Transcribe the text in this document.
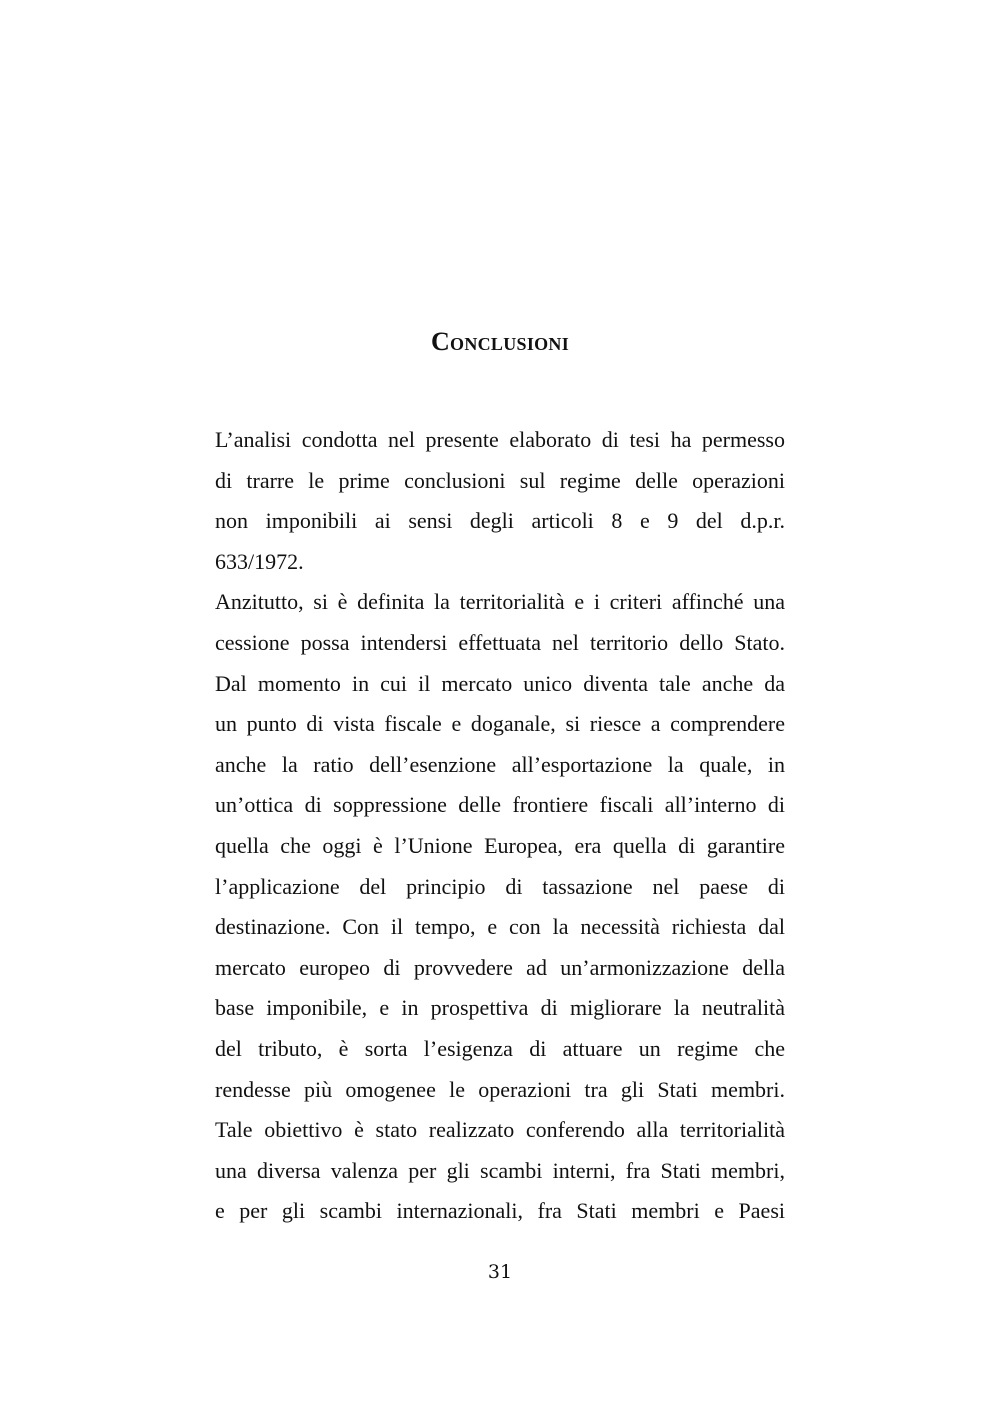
Conclusioni
L’analisi condotta nel presente elaborato di tesi ha permesso
di trarre le prime conclusioni sul regime delle operazioni
non imponibili ai sensi degli articoli 8 e 9 del d.p.r.
633/1972.
Anzitutto, si è definita la territorialità e i criteri affinché una
cessione possa intendersi effettuata nel territorio dello Stato.
Dal momento in cui il mercato unico diventa tale anche da
un punto di vista fiscale e doganale, si riesce a comprendere
anche la ratio dell’esenzione all’esportazione la quale, in
un’ottica di soppressione delle frontiere fiscali all’interno di
quella che oggi è l’Unione Europea, era quella di garantire
l’applicazione del principio di tassazione nel paese di
destinazione. Con il tempo, e con la necessità richiesta dal
mercato europeo di provvedere ad un’armonizzazione della
base imponibile, e in prospettiva di migliorare la neutralità
del tributo, è sorta l’esigenza di attuare un regime che
rendesse più omogenee le operazioni tra gli Stati membri.
Tale obiettivo è stato realizzato conferendo alla territorialità
una diversa valenza per gli scambi interni, fra Stati membri,
e per gli scambi internazionali, fra Stati membri e Paesi
31
